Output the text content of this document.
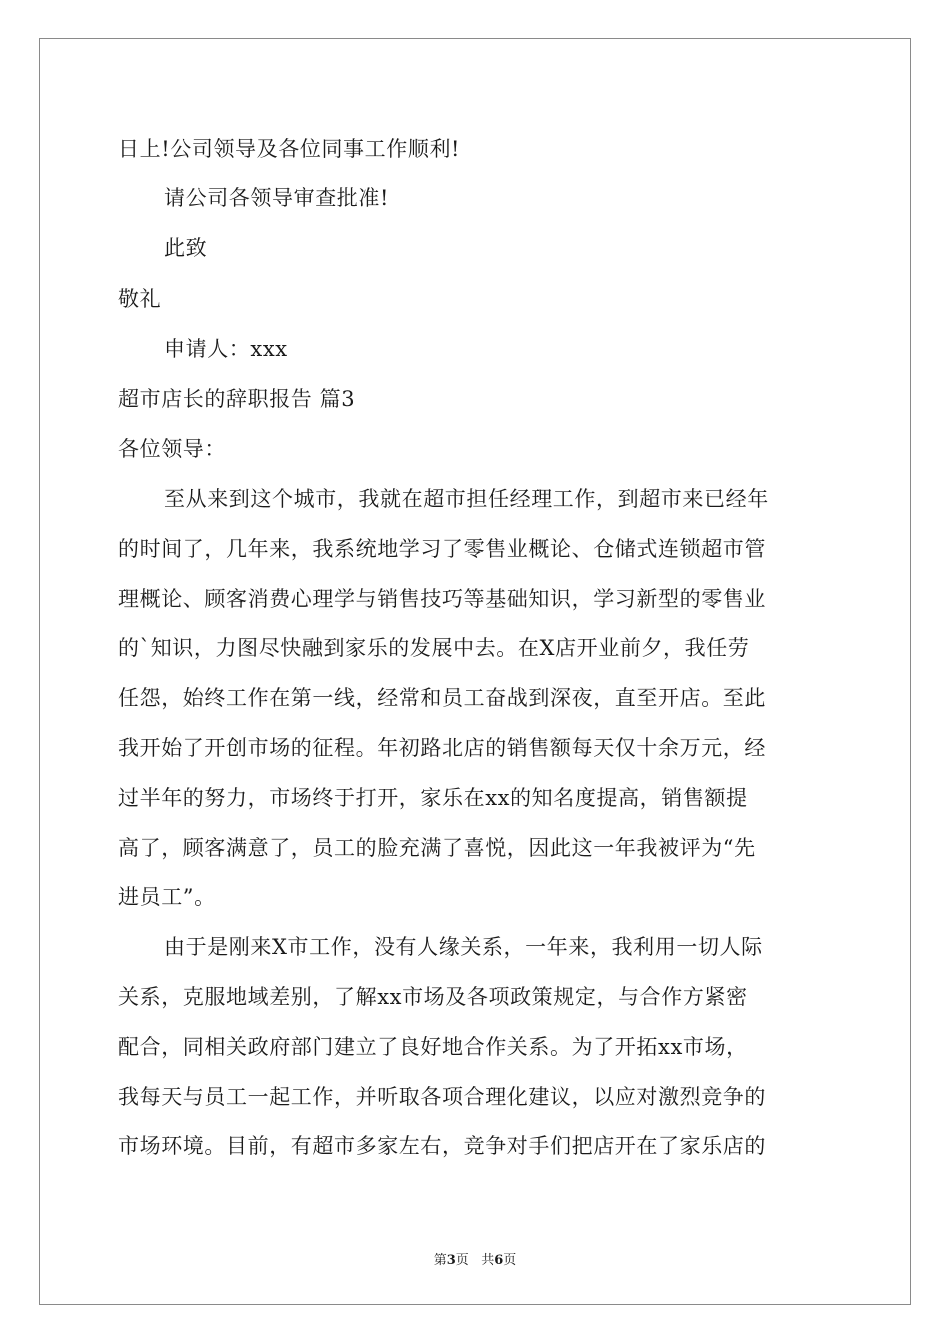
日上!公司领导及各位同事工作顺利!
请公司各领导审查批准!
此致
敬礼
申请人：xxx
超市店长的辞职报告 篇3
各位领导：
至从来到这个城市，我就在超市担任经理工作，到超市来已经年
的时间了，几年来，我系统地学习了零售业概论、仓储式连锁超市管
理概论、顾客消费心理学与销售技巧等基础知识，学习新型的零售业
的`知识，力图尽快融到家乐的发展中去。在X店开业前夕，我任劳
任怨，始终工作在第一线，经常和员工奋战到深夜，直至开店。至此
我开始了开创市场的征程。年初路北店的销售额每天仅十余万元，经
过半年的努力，市场终于打开，家乐在xx的知名度提高，销售额提
高了，顾客满意了，员工的脸充满了喜悦，因此这一年我被评为“先
进员工”。
由于是刚来X市工作，没有人缘关系，一年来，我利用一切人际
关系，克服地域差别，了解xx市场及各项政策规定，与合作方紧密
配合，同相关政府部门建立了良好地合作关系。为了开拓xx市场，
我每天与员工一起工作，并听取各项合理化建议，以应对激烈竞争的
市场环境。目前，有超市多家左右，竞争对手们把店开在了家乐店的
第3页 共6页
